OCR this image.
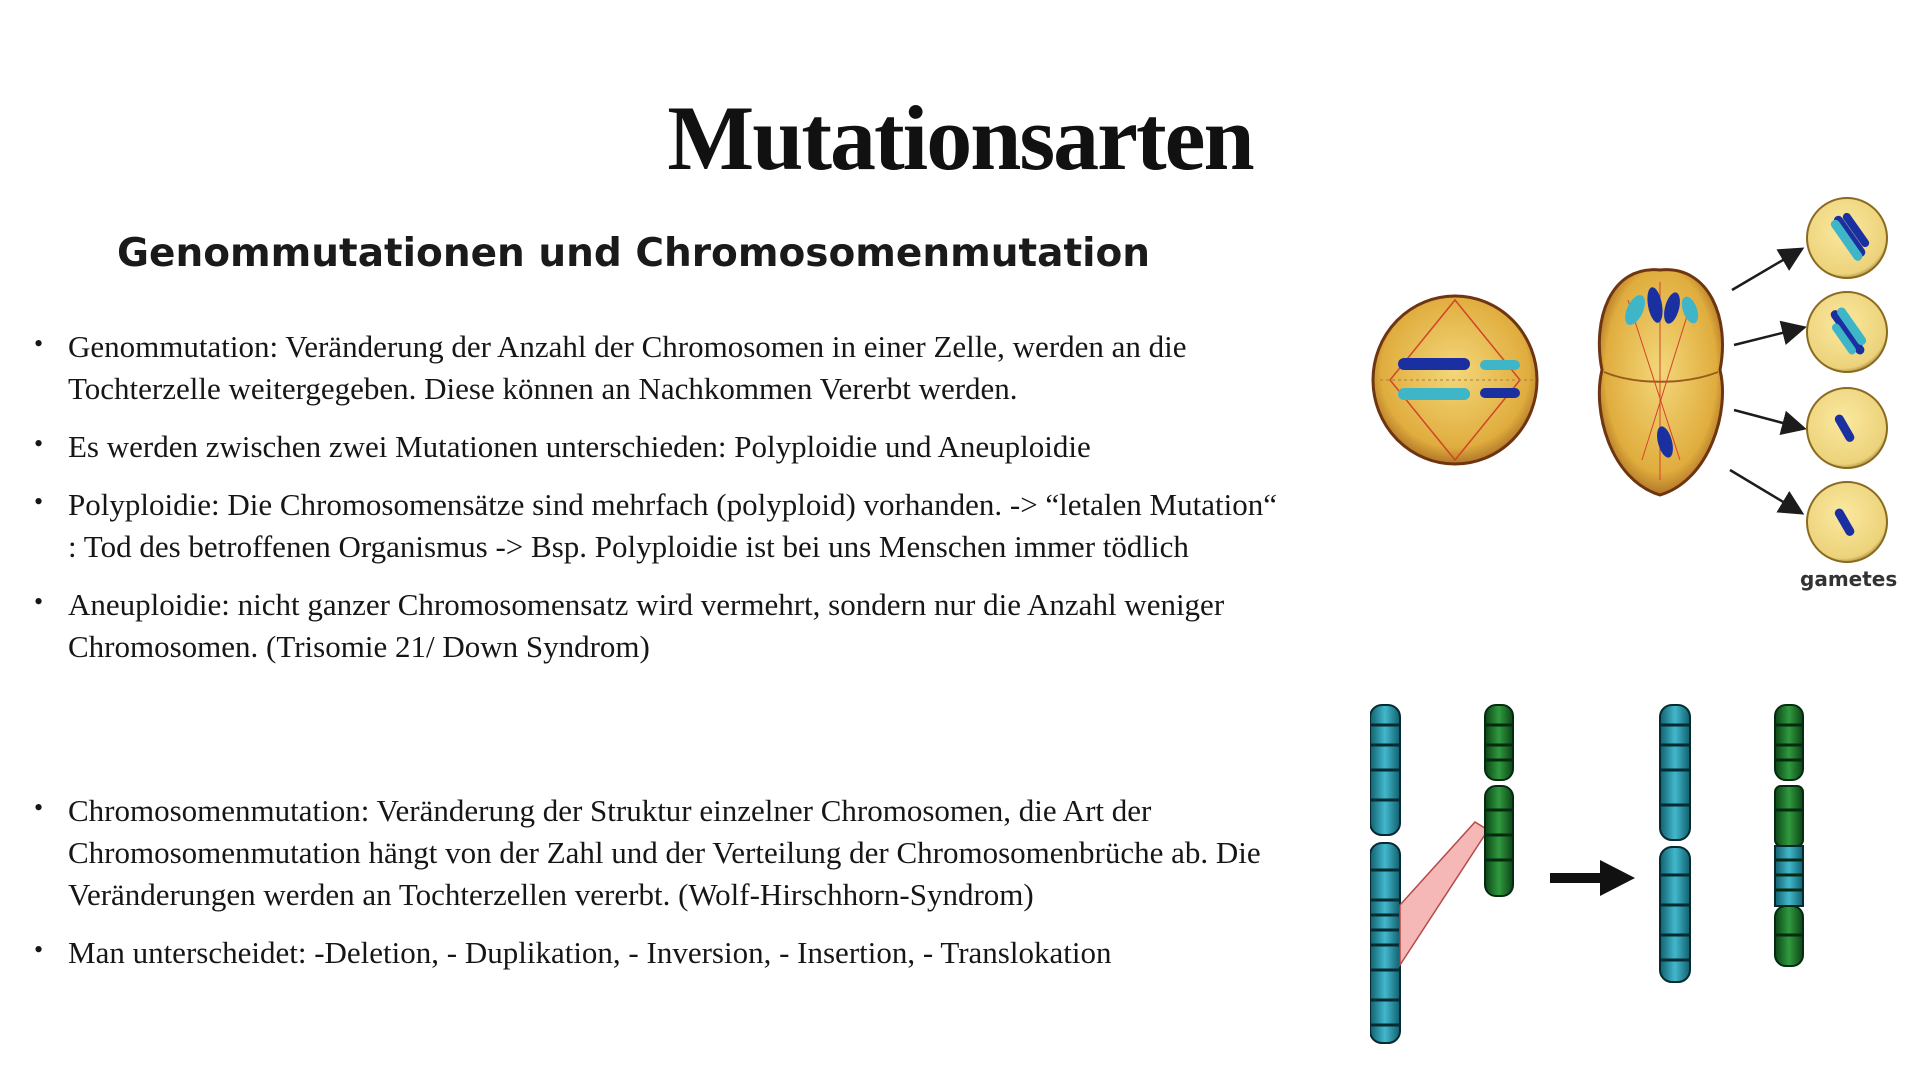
Mutationsarten
Genommutationen und Chromosomenmutation
• Genommutation: Veränderung der Anzahl der Chromosomen in einer Zelle, werden an die Tochterzelle weitergegeben. Diese können an Nachkommen Vererbt werden.
• Es werden zwischen zwei Mutationen unterschieden: Polyploidie und Aneuploidie
• Polyploidie: Die Chromosomensätze sind mehrfach (polyploid) vorhanden. -> “letalen Mutation“ : Tod des betroffenen Organismus -> Bsp. Polyploidie ist bei uns Menschen immer tödlich
• Aneuploidie: nicht ganzer Chromosomensatz wird vermehrt, sondern nur die Anzahl weniger Chromosomen. (Trisomie 21/ Down Syndrom)
• Chromosomenmutation: Veränderung der Struktur einzelner Chromosomen, die Art der Chromosomenmutation hängt von der Zahl und der Verteilung der Chromosomenbrüche ab. Die Veränderungen werden an Tochterzellen vererbt. (Wolf-Hirschhorn-Syndrom)
• Man unterscheidet: -Deletion, - Duplikation, - Inversion, - Insertion, - Translokation
gametes
